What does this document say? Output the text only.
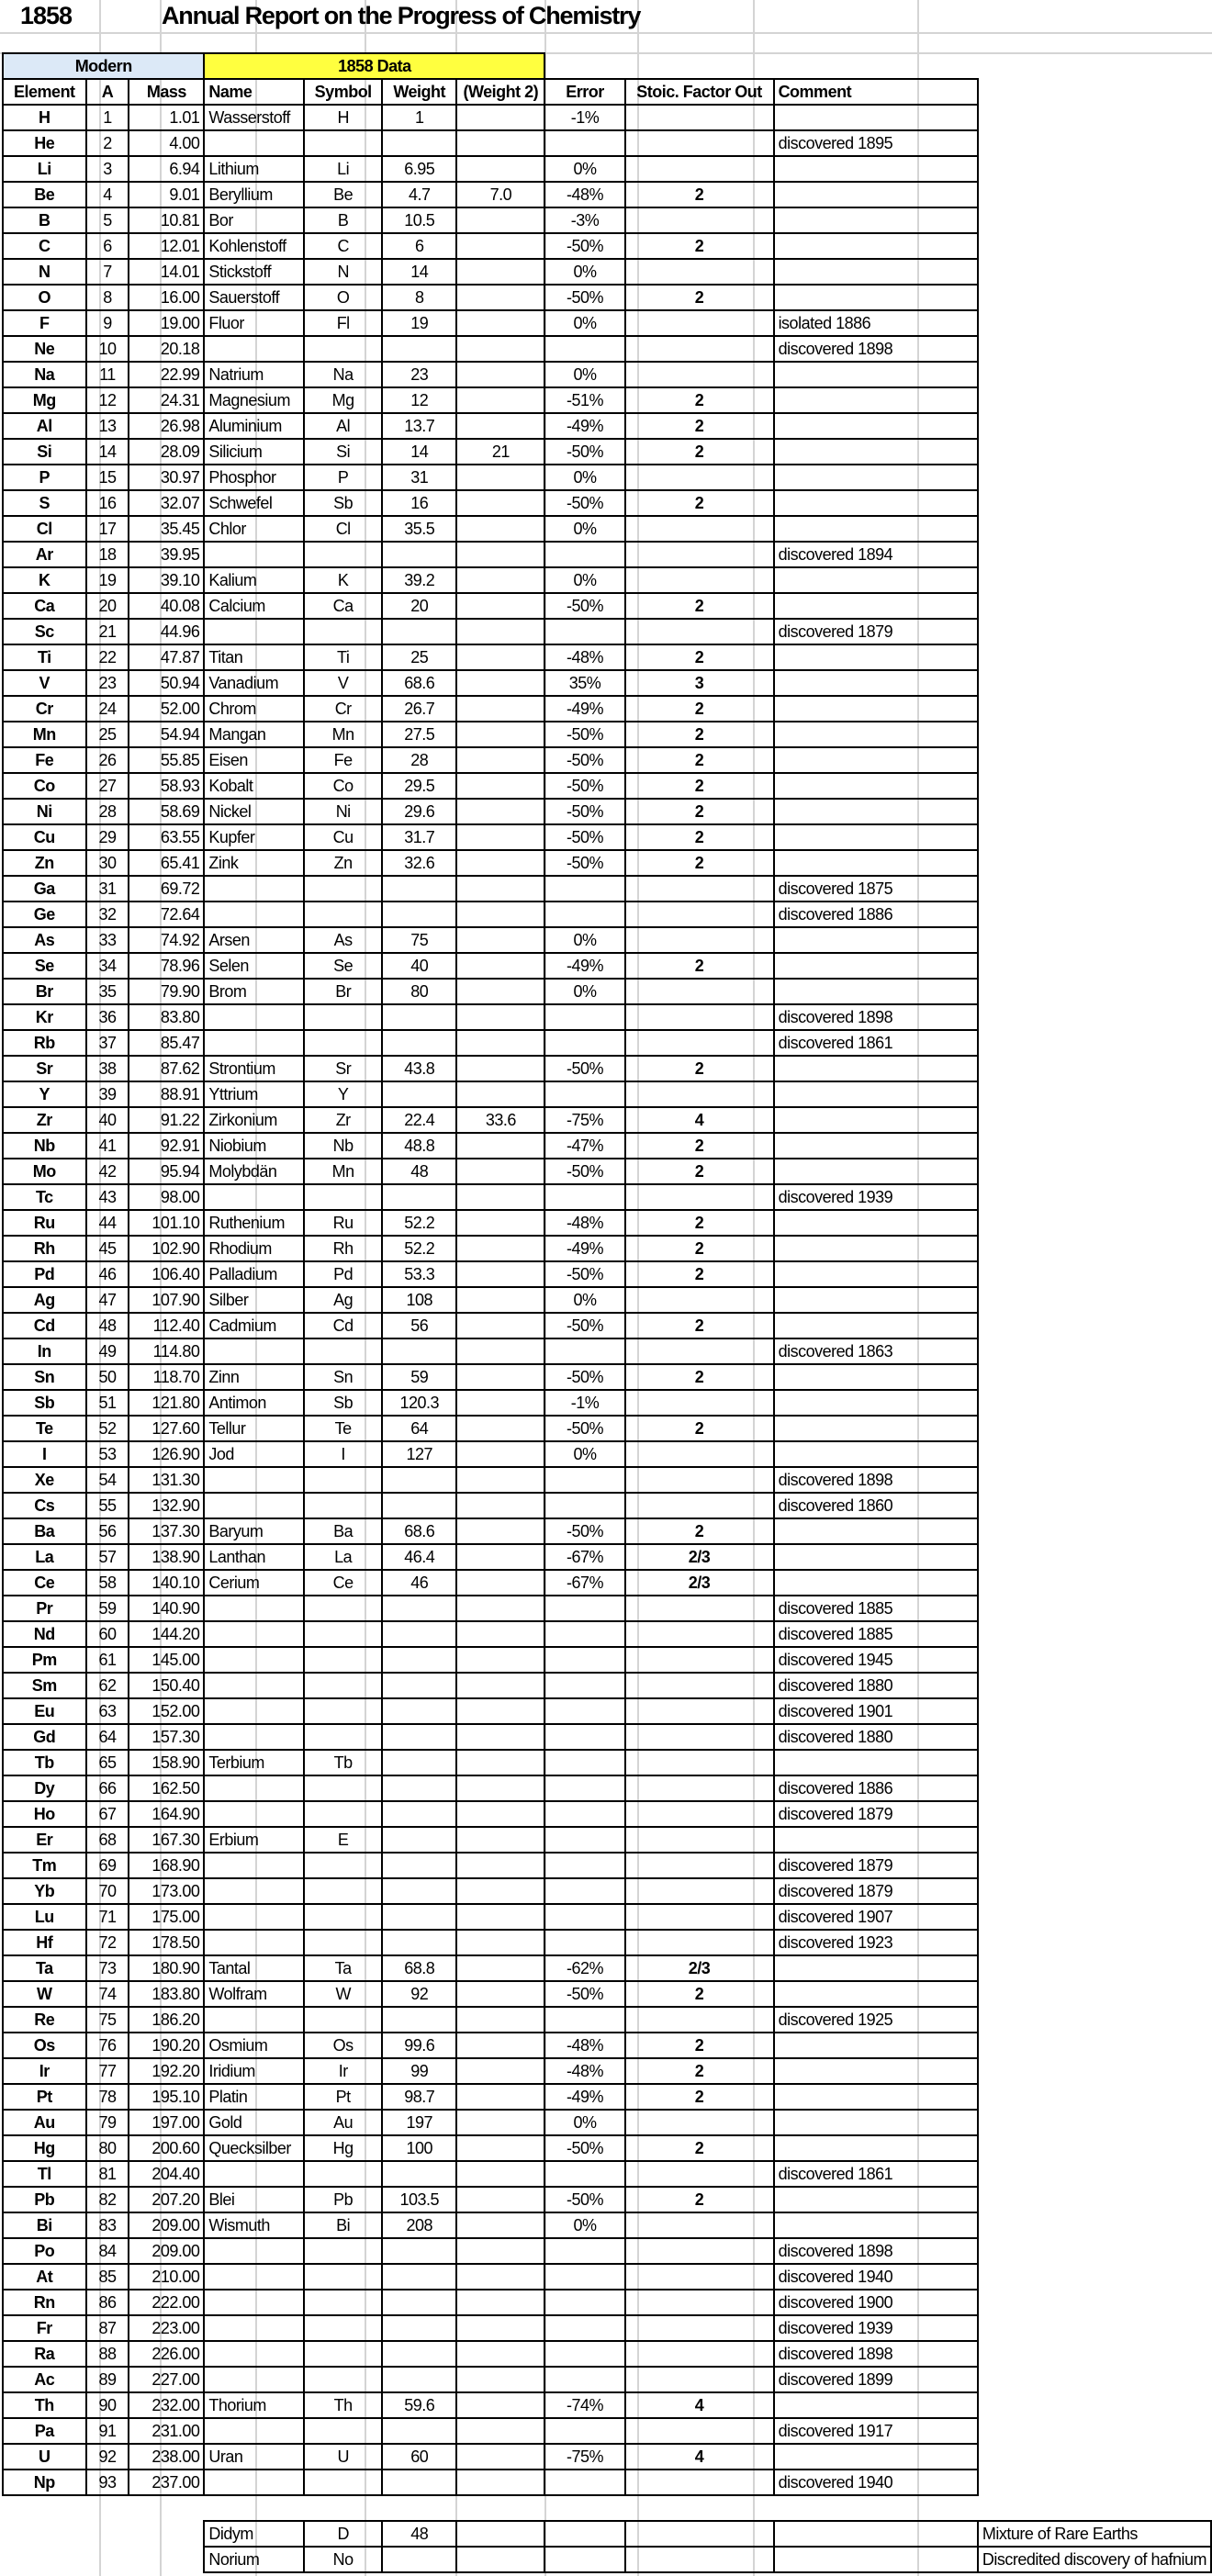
1858	Annual Report on the Progress of Chemistry
Modern			1858 Data							
Element	A	Mass	Name	Symbol	Weight	(Weight 2)	Error	Stoic. Factor Out	Comment	
H	1	1.01	Wasserstoff	H	1		-1%			
He	2	4.00							discovered 1895	
Li	3	6.94	Lithium	Li	6.95		0%			
Be	4	9.01	Beryllium	Be	4.7	7.0	-48%	2		
B	5	10.81	Bor	B	10.5		-3%			
C	6	12.01	Kohlenstoff	C	6		-50%	2		
N	7	14.01	Stickstoff	N	14		0%			
O	8	16.00	Sauerstoff	O	8		-50%	2		
F	9	19.00	Fluor	Fl	19		0%		isolated 1886	
Ne	10	20.18							discovered 1898	
Na	11	22.99	Natrium	Na	23		0%			
Mg	12	24.31	Magnesium	Mg	12		-51%	2		
Al	13	26.98	Aluminium	Al	13.7		-49%	2		
Si	14	28.09	Silicium	Si	14	21	-50%	2		
P	15	30.97	Phosphor	P	31		0%			
S	16	32.07	Schwefel	Sb	16		-50%	2		
Cl	17	35.45	Chlor	Cl	35.5		0%			
Ar	18	39.95							discovered 1894	
K	19	39.10	Kalium	K	39.2		0%			
Ca	20	40.08	Calcium	Ca	20		-50%	2		
Sc	21	44.96							discovered 1879	
Ti	22	47.87	Titan	Ti	25		-48%	2		
V	23	50.94	Vanadium	V	68.6		35%	3		
Cr	24	52.00	Chrom	Cr	26.7		-49%	2		
Mn	25	54.94	Mangan	Mn	27.5		-50%	2		
Fe	26	55.85	Eisen	Fe	28		-50%	2		
Co	27	58.93	Kobalt	Co	29.5		-50%	2		
Ni	28	58.69	Nickel	Ni	29.6		-50%	2		
Cu	29	63.55	Kupfer	Cu	31.7		-50%	2		
Zn	30	65.41	Zink	Zn	32.6		-50%	2		
Ga	31	69.72							discovered 1875	
Ge	32	72.64							discovered 1886	
As	33	74.92	Arsen	As	75		0%			
Se	34	78.96	Selen	Se	40		-49%	2		
Br	35	79.90	Brom	Br	80		0%			
Kr	36	83.80							discovered 1898	
Rb	37	85.47							discovered 1861	
Sr	38	87.62	Strontium	Sr	43.8		-50%	2		
Y	39	88.91	Yttrium	Y						
Zr	40	91.22	Zirkonium	Zr	22.4	33.6	-75%	4		
Nb	41	92.91	Niobium	Nb	48.8		-47%	2		
Mo	42	95.94	Molybdän	Mn	48		-50%	2		
Tc	43	98.00							discovered 1939	
Ru	44	101.10	Ruthenium	Ru	52.2		-48%	2		
Rh	45	102.90	Rhodium	Rh	52.2		-49%	2		
Pd	46	106.40	Palladium	Pd	53.3		-50%	2		
Ag	47	107.90	Silber	Ag	108		0%			
Cd	48	112.40	Cadmium	Cd	56		-50%	2		
In	49	114.80							discovered 1863	
Sn	50	118.70	Zinn	Sn	59		-50%	2		
Sb	51	121.80	Antimon	Sb	120.3		-1%			
Te	52	127.60	Tellur	Te	64		-50%	2		
I	53	126.90	Jod	I	127		0%			
Xe	54	131.30							discovered 1898	
Cs	55	132.90							discovered 1860	
Ba	56	137.30	Baryum	Ba	68.6		-50%	2		
La	57	138.90	Lanthan	La	46.4		-67%	2/3		
Ce	58	140.10	Cerium	Ce	46		-67%	2/3		
Pr	59	140.90							discovered 1885	
Nd	60	144.20							discovered 1885	
Pm	61	145.00							discovered 1945	
Sm	62	150.40							discovered 1880	
Eu	63	152.00							discovered 1901	
Gd	64	157.30							discovered 1880	
Tb	65	158.90	Terbium	Tb						
Dy	66	162.50							discovered 1886	
Ho	67	164.90							discovered 1879	
Er	68	167.30	Erbium	E						
Tm	69	168.90							discovered 1879	
Yb	70	173.00							discovered 1879	
Lu	71	175.00							discovered 1907	
Hf	72	178.50							discovered 1923	
Ta	73	180.90	Tantal	Ta	68.8		-62%	2/3		
W	74	183.80	Wolfram	W	92		-50%	2		
Re	75	186.20							discovered 1925	
Os	76	190.20	Osmium	Os	99.6		-48%	2		
Ir	77	192.20	Iridium	Ir	99		-48%	2		
Pt	78	195.10	Platin	Pt	98.7		-49%	2		
Au	79	197.00	Gold	Au	197		0%			
Hg	80	200.60	Quecksilber	Hg	100		-50%	2		
Tl	81	204.40							discovered 1861	
Pb	82	207.20	Blei	Pb	103.5		-50%	2		
Bi	83	209.00	Wismuth	Bi	208		0%			
Po	84	209.00							discovered 1898	
At	85	210.00							discovered 1940	
Rn	86	222.00							discovered 1900	
Fr	87	223.00							discovered 1939	
Ra	88	226.00							discovered 1898	
Ac	89	227.00							discovered 1899	
Th	90	232.00	Thorium	Th	59.6		-74%	4		
Pa	91	231.00							discovered 1917	
U	92	238.00	Uran	U	60		-75%	4		
Np	93	237.00							discovered 1940	

			Didym	D	48					Mixture of Rare Earths
			Norium	No						Discredited discovery of hafnium
